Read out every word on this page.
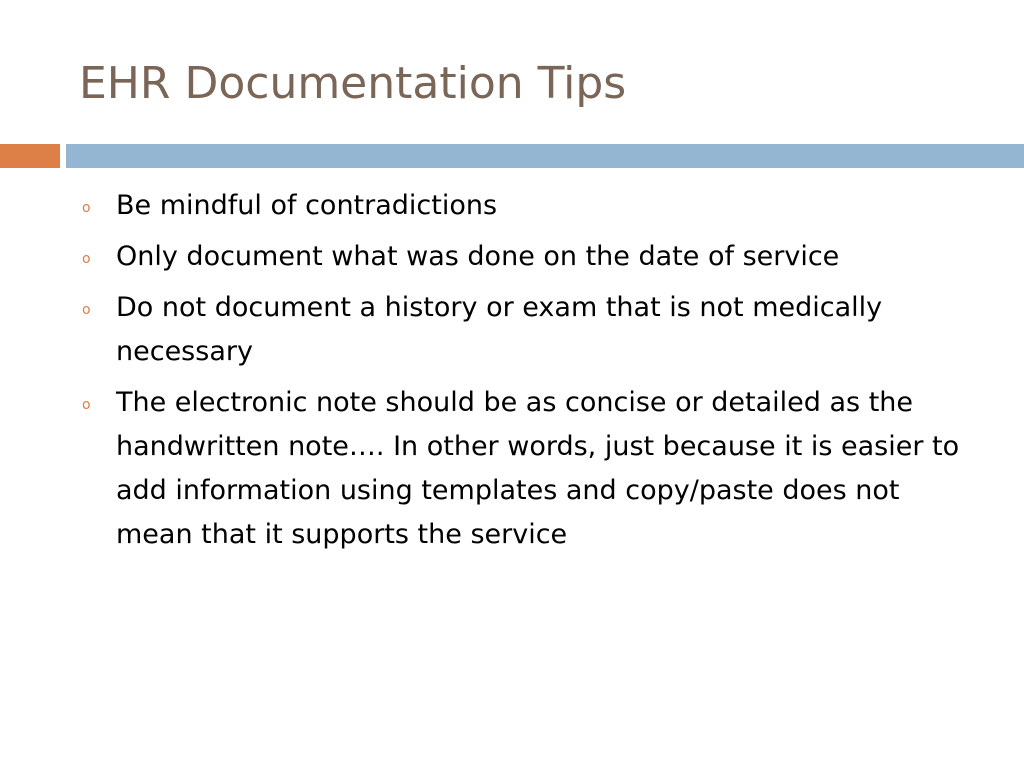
EHR Documentation Tips
o Be mindful of contradictions
o Only document what was done on the date of service
o Do not document a history or exam that is not medically necessary
o The electronic note should be as concise or detailed as the handwritten note…. In other words, just because it is easier to add information using templates and copy/paste does not mean that it supports the service
